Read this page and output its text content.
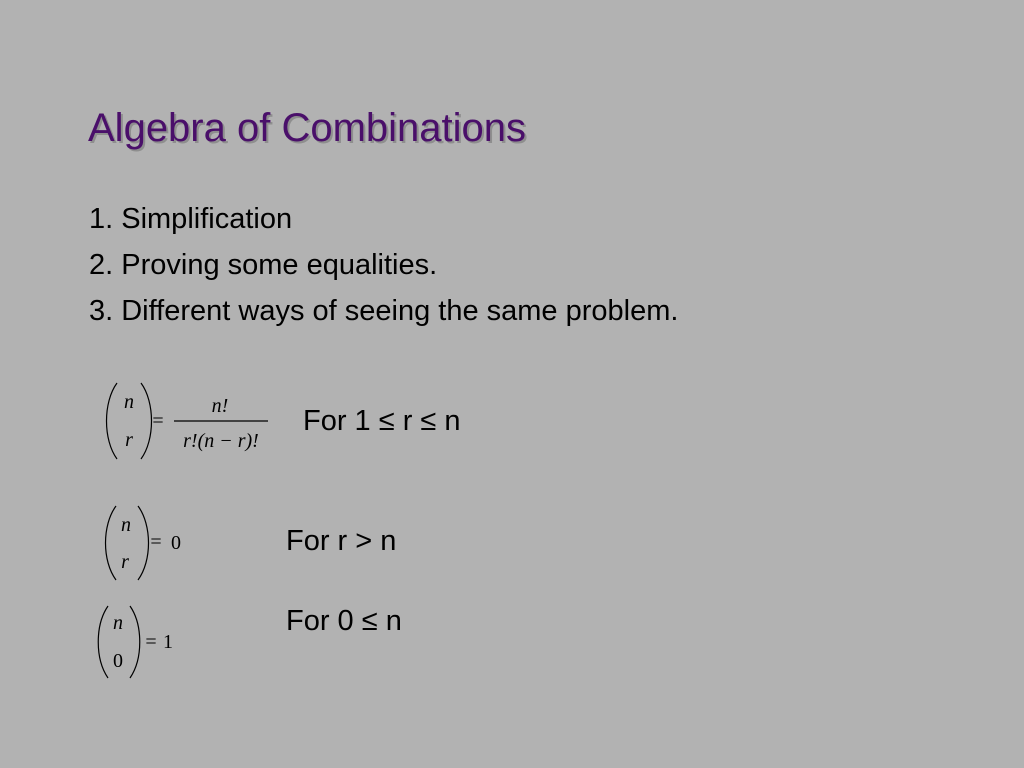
Algebra of Combinations
1. Simplification
2. Proving some equalities.
3. Different ways of seeing the same problem.
n
r
=
n!
r!(n − r)!
For 1 ≤ r ≤ n
n
r
= 0	For r > n
n
0
= 1
For 0 ≤ n
